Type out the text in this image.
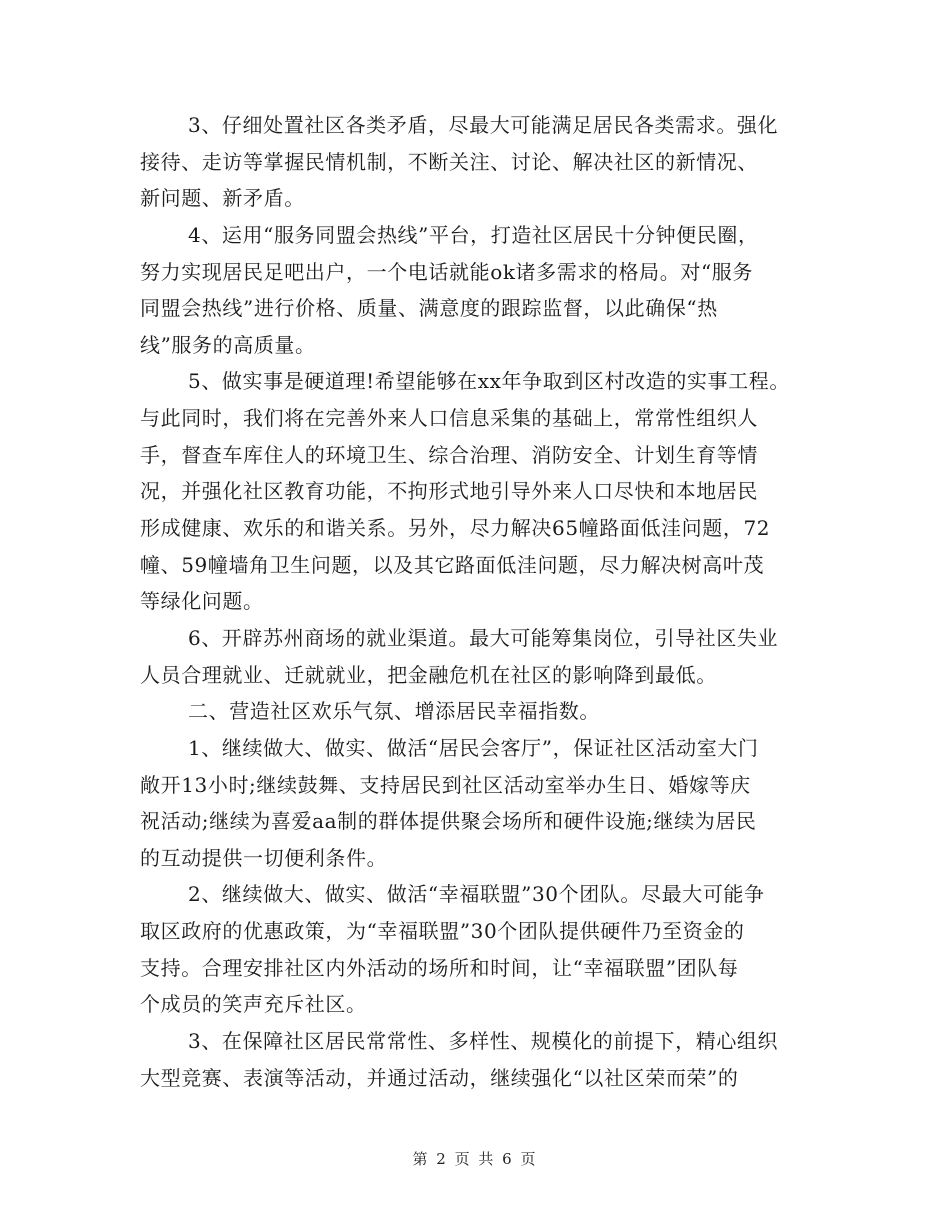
3、仔细处置社区各类矛盾，尽最大可能满足居民各类需求。强化
接待、走访等掌握民情机制，不断关注、讨论、解决社区的新情况、
新问题、新矛盾。
4、运用“服务同盟会热线”平台，打造社区居民十分钟便民圈，
努力实现居民足吧出户，一个电话就能ok诸多需求的格局。对“服务
同盟会热线”进行价格、质量、满意度的跟踪监督，以此确保“热
线”服务的高质量。
5、做实事是硬道理!希望能够在xx年争取到区村改造的实事工程。
与此同时，我们将在完善外来人口信息采集的基础上，常常性组织人
手，督查车库住人的环境卫生、综合治理、消防安全、计划生育等情
况，并强化社区教育功能，不拘形式地引导外来人口尽快和本地居民
形成健康、欢乐的和谐关系。另外，尽力解决65幢路面低洼问题，72
幢、59幢墙角卫生问题，以及其它路面低洼问题，尽力解决树高叶茂
等绿化问题。
6、开辟苏州商场的就业渠道。最大可能筹集岗位，引导社区失业
人员合理就业、迁就就业，把金融危机在社区的影响降到最低。
二、营造社区欢乐气氛、增添居民幸福指数。
1、继续做大、做实、做活“居民会客厅”，保证社区活动室大门
敞开13小时;继续鼓舞、支持居民到社区活动室举办生日、婚嫁等庆
祝活动;继续为喜爱aa制的群体提供聚会场所和硬件设施;继续为居民
的互动提供一切便利条件。
2、继续做大、做实、做活“幸福联盟”30个团队。尽最大可能争
取区政府的优惠政策，为“幸福联盟”30个团队提供硬件乃至资金的
支持。合理安排社区内外活动的场所和时间，让“幸福联盟”团队每
个成员的笑声充斥社区。
3、在保障社区居民常常性、多样性、规模化的前提下，精心组织
大型竞赛、表演等活动，并通过活动，继续强化“以社区荣而荣”的
第 2 页 共 6 页
